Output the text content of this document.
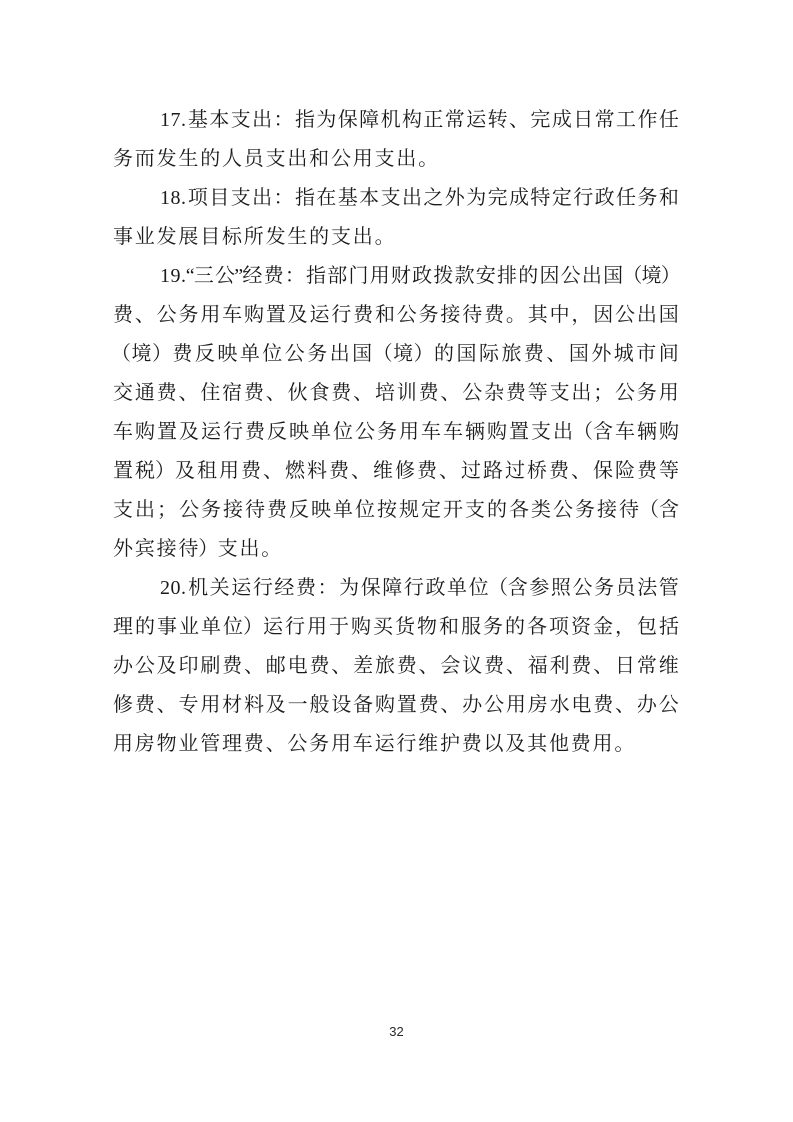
17. 基 本 支 出 ： 指 为 保 障 机 构 正 常 运 转 、 完 成 日 常 工 作 任
务 而 发 生 的 人 员 支 出 和 公 用 支 出 。
18. 项 目 支 出 ： 指 在 基 本 支 出 之 外 为 完 成 特 定 行 政 任 务 和
事 业 发 展 目 标 所 发 生 的 支 出 。
19. “ 三 公 ” 经 费 ： 指 部 门 用 财 政 拨 款 安 排 的 因 公 出 国 （ 境 ）
费 、 公 务 用 车 购 置 及 运 行 费 和 公 务 接 待 费 。 其 中 ， 因 公 出 国
（ 境 ） 费 反 映 单 位 公 务 出 国 （ 境 ） 的 国 际 旅 费 、 国 外 城 市 间
交 通 费 、 住 宿 费 、 伙 食 费 、 培 训 费 、 公 杂 费 等 支 出 ； 公 务 用
车 购 置 及 运 行 费 反 映 单 位 公 务 用 车 车 辆 购 置 支 出 （ 含 车 辆 购
置 税 ） 及 租 用 费 、 燃 料 费 、 维 修 费 、 过 路 过 桥 费 、 保 险 费 等
支 出 ； 公 务 接 待 费 反 映 单 位 按 规 定 开 支 的 各 类 公 务 接 待 （ 含
外 宾 接 待 ） 支 出 。
20. 机 关 运 行 经 费 ： 为 保 障 行 政 单 位 （ 含 参 照 公 务 员 法 管
理 的 事 业 单 位 ） 运 行 用 于 购 买 货 物 和 服 务 的 各 项 资 金 ， 包 括
办 公 及 印 刷 费 、 邮 电 费 、 差 旅 费 、 会 议 费 、 福 利 费 、 日 常 维
修 费 、 专 用 材 料 及 一 般 设 备 购 置 费 、 办 公 用 房 水 电 费 、 办 公
用 房 物 业 管 理 费 、 公 务 用 车 运 行 维 护 费 以 及 其 他 费 用 。
32
